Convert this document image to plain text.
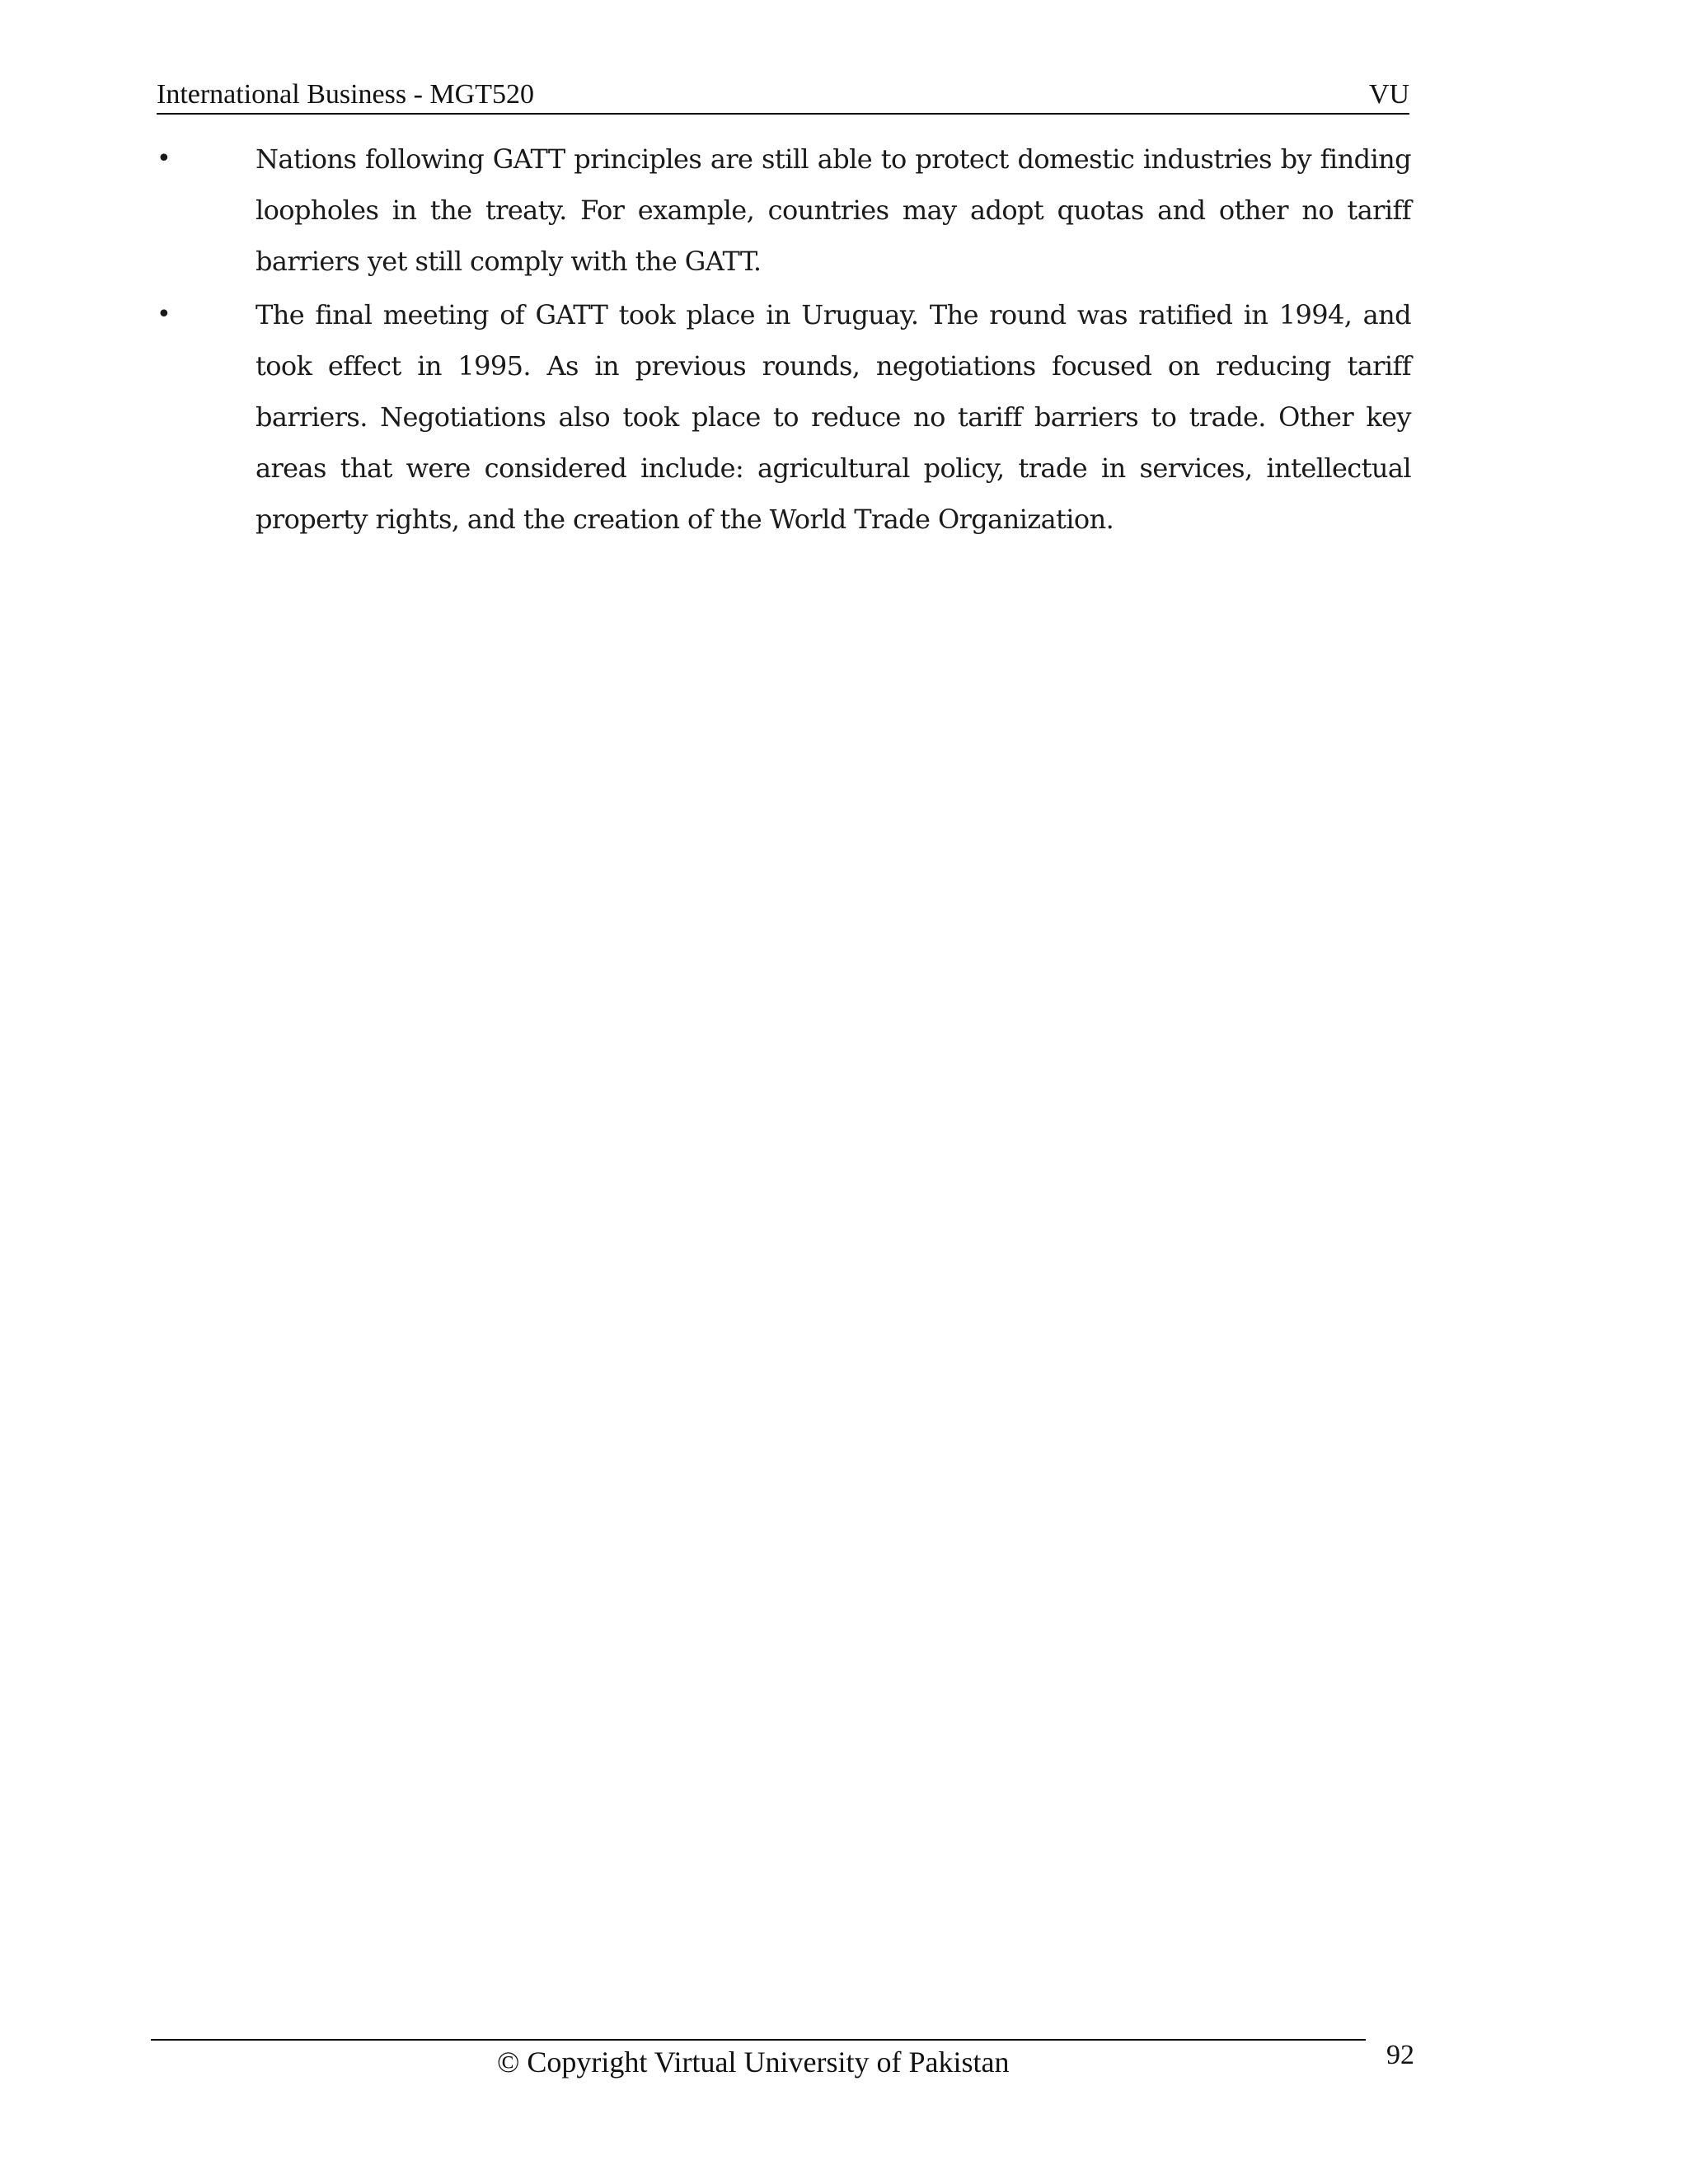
International Business - MGT520	VU
•	Nations following GATT principles are still able to protect domestic industries by finding loopholes in the treaty. For example, countries may adopt quotas and other no tariff barriers yet still comply with the GATT.
•	The final meeting of GATT took place in Uruguay. The round was ratified in 1994, and took effect in 1995. As in previous rounds, negotiations focused on reducing tariff barriers. Negotiations also took place to reduce no tariff barriers to trade. Other key areas that were considered include: agricultural policy, trade in services, intellectual property rights, and the creation of the World Trade Organization.
© Copyright Virtual University of Pakistan	92
